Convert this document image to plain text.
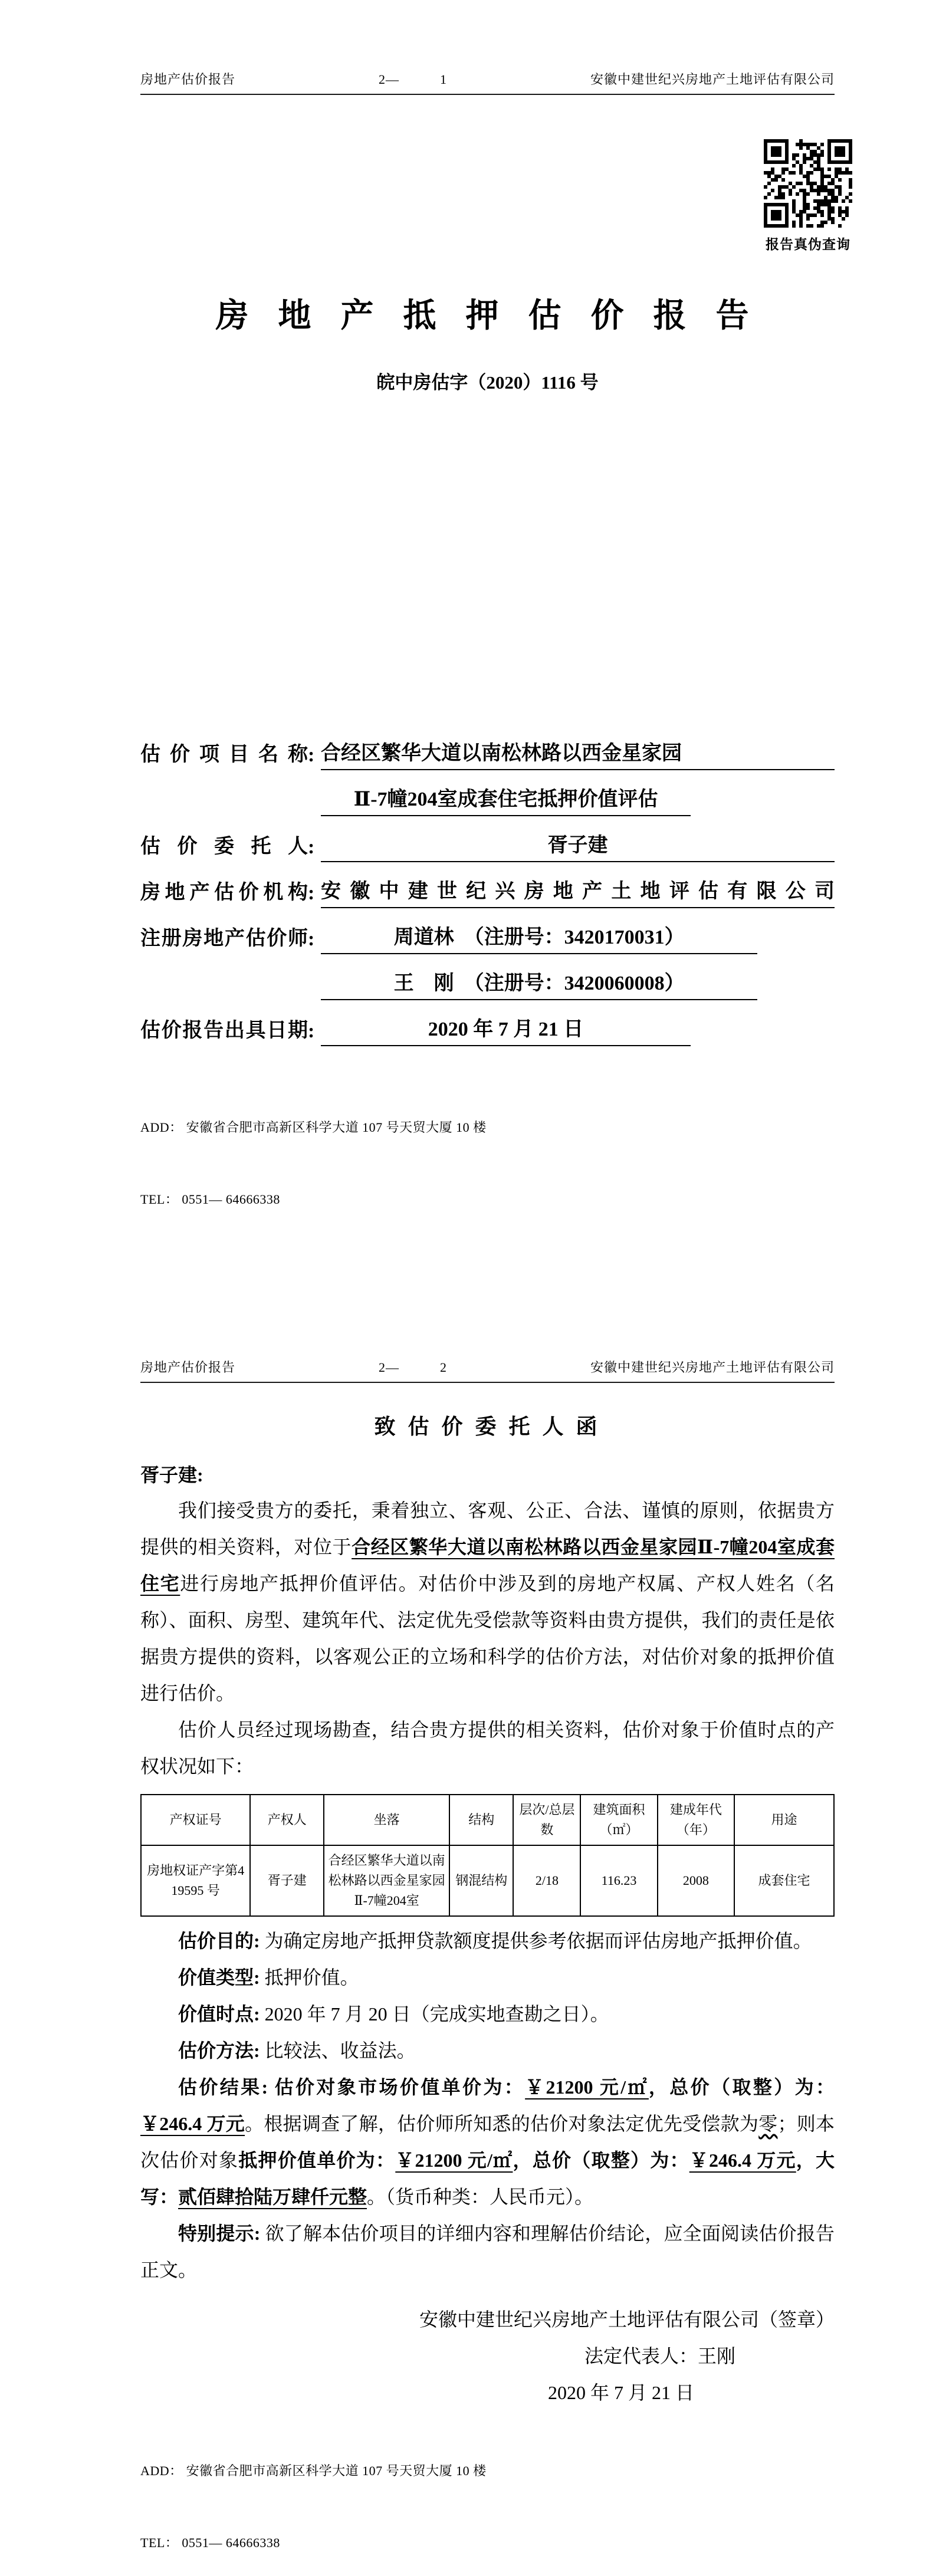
房地产估价报告	2—　　　1	安徽中建世纪兴房地产土地评估有限公司
报告真伪查询
房 地 产 抵 押 估 价 报 告
皖中房估字（2020）1116 号
估价项目名称 : 合经区繁华大道以南松林路以西金星家园
Ⅱ-7幢204室成套住宅抵押价值评估
估价委托人 :	胥子建
房地产估价机构 : 安徽中建世纪兴房地产土地评估有限公司
注册房地产估价师 :	周道林　（注册号：3420170031）
王　刚　（注册号：3420060008）
估价报告出具日期 :	2020 年 7 月 21 日

ADD： 安徽省合肥市高新区科学大道 107 号天贸大厦 10 楼

TEL： 0551— 64666338

房地产估价报告	2—　　　2	安徽中建世纪兴房地产土地评估有限公司
致 估 价 委 托 人 函
胥子建:

我们接受贵方的委托，秉着独立、客观、公正、合法、谨慎的原则，依据贵方提供的相关资料，对位于合经区繁华大道以南松林路以西金星家园Ⅱ-7幢204室成套住宅进行房地产抵押价值评估。对估价中涉及到的房地产权属、产权人姓名（名称）、面积、房型、建筑年代、法定优先受偿款等资料由贵方提供，我们的责任是依据贵方提供的资料，以客观公正的立场和科学的估价方法，对估价对象的抵押价值进行估价。

估价人员经过现场勘查，结合贵方提供的相关资料，估价对象于价值时点的产权状况如下：

产权证号	产权人	坐落	结构	层次/总层数	建筑面积（㎡）	建成年代（年）	用途
房地权证产字第419595 号	胥子建	合经区繁华大道以南松林路以西金星家园Ⅱ-7幢204室	钢混结构	2/18	116.23	2008	成套住宅

估价目的: 为确定房地产抵押贷款额度提供参考依据而评估房地产抵押价值。

价值类型: 抵押价值。

价值时点: 2020 年 7 月 20 日（完成实地查勘之日）。

估价方法: 比较法、收益法。

估价结果: 估价对象市场价值单价为：￥21200 元/㎡，总价（取整）为：￥246.4 万元。根据调查了解，估价师所知悉的估价对象法定优先受偿款为零；则本次估价对象抵押价值单价为：￥21200 元/㎡，总价（取整）为：￥246.4 万元，大写：贰佰肆拾陆万肆仟元整。（货币种类：人民币元）。

特别提示: 欲了解本估价项目的详细内容和理解估价结论，应全面阅读估价报告正文。

安徽中建世纪兴房地产土地评估有限公司（签章）
法定代表人：王刚
2020 年 7 月 21 日

ADD： 安徽省合肥市高新区科学大道 107 号天贸大厦 10 楼

TEL： 0551— 64666338
